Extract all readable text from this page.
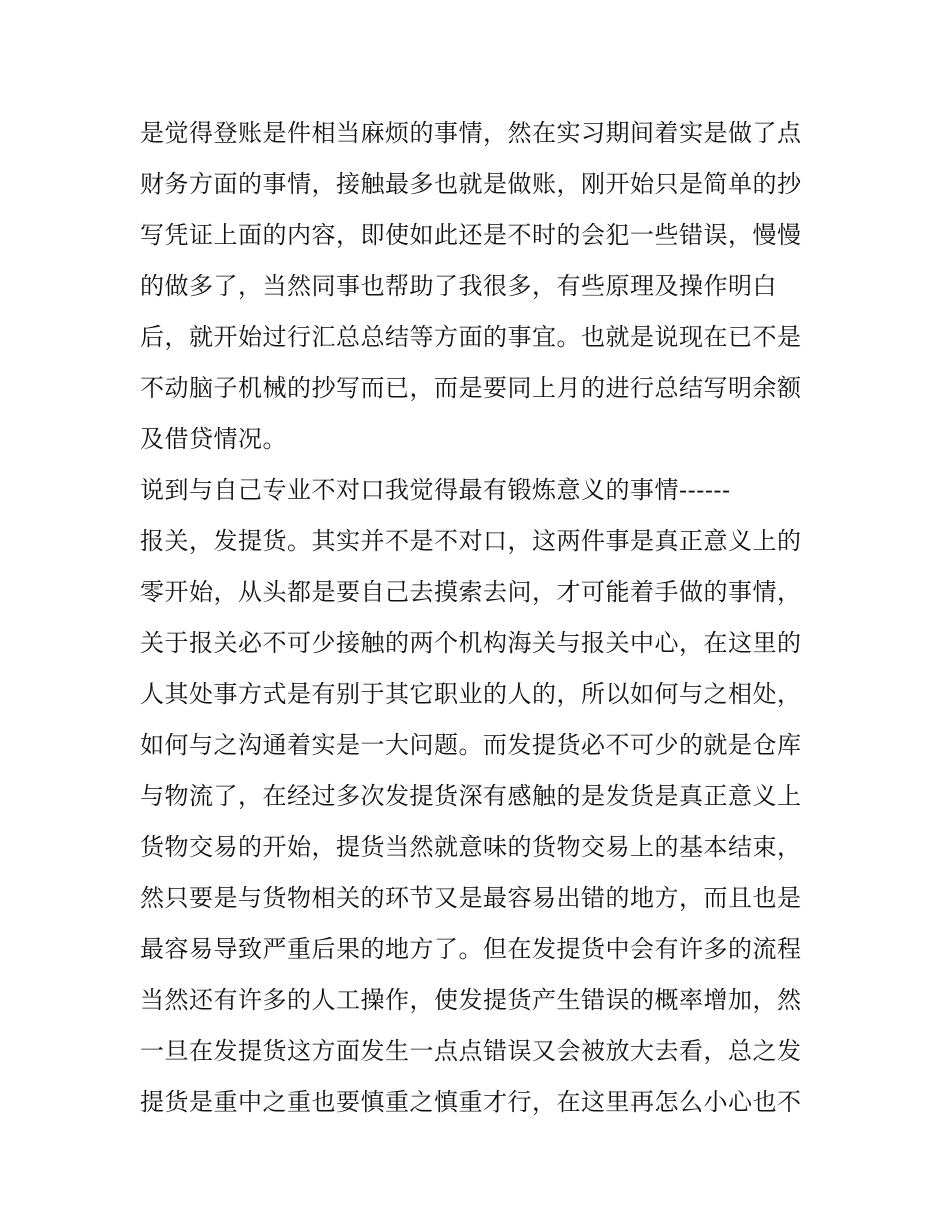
是觉得登账是件相当麻烦的事情，然在实习期间着实是做了点
财务方面的事情，接触最多也就是做账，刚开始只是简单的抄
写凭证上面的内容，即使如此还是不时的会犯一些错误，慢慢
的做多了，当然同事也帮助了我很多，有些原理及操作明白
后，就开始过行汇总总结等方面的事宜。也就是说现在已不是
不动脑子机械的抄写而已，而是要同上月的进行总结写明余额
及借贷情况。
说到与自己专业不对口我觉得最有锻炼意义的事情------
报关，发提货。其实并不是不对口，这两件事是真正意义上的
零开始，从头都是要自己去摸索去问，才可能着手做的事情，
关于报关必不可少接触的两个机构海关与报关中心，在这里的
人其处事方式是有别于其它职业的人的，所以如何与之相处，
如何与之沟通着实是一大问题。而发提货必不可少的就是仓库
与物流了，在经过多次发提货深有感触的是发货是真正意义上
货物交易的开始，提货当然就意味的货物交易上的基本结束，
然只要是与货物相关的环节又是最容易出错的地方，而且也是
最容易导致严重后果的地方了。但在发提货中会有许多的流程
当然还有许多的人工操作，使发提货产生错误的概率增加，然
一旦在发提货这方面发生一点点错误又会被放大去看，总之发
提货是重中之重也要慎重之慎重才行，在这里再怎么小心也不
